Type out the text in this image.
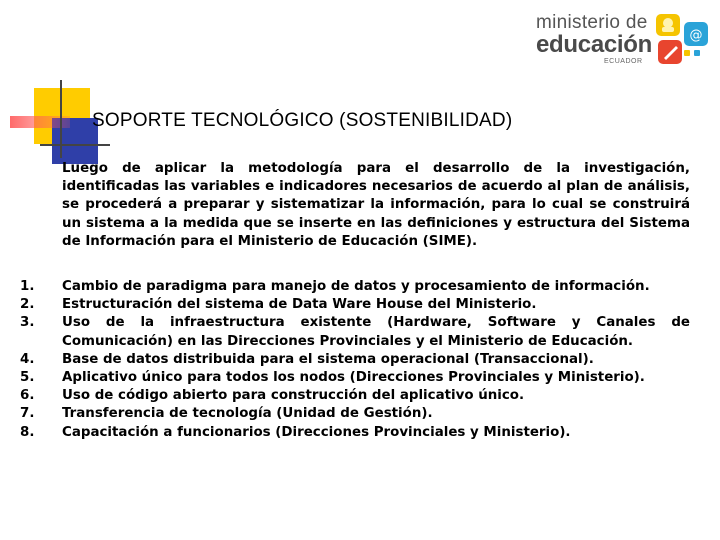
ministerio de
educación
ECUADOR
@
SOPORTE TECNOLÓGICO (SOSTENIBILIDAD)
Luego de aplicar la metodología para el desarrollo de la investigación, identificadas las variables e indicadores necesarios de acuerdo al plan de análisis, se procederá a preparar y sistematizar la información, para lo cual se construirá un sistema a la medida que se inserte en las definiciones y estructura del Sistema de Información para el Ministerio de Educación (SIME).
1.	Cambio de paradigma para manejo de datos y procesamiento de información.
2.	Estructuración del sistema de Data Ware House del Ministerio.
3.	Uso de la infraestructura existente (Hardware, Software y Canales de Comunicación) en las Direcciones Provinciales y el Ministerio de Educación.
4.	Base de datos distribuida para el sistema operacional (Transaccional).
5.	Aplicativo único para todos los nodos (Direcciones Provinciales y Ministerio).
6.	Uso de código abierto para construcción del aplicativo único.
7.	Transferencia de tecnología (Unidad de Gestión).
8.	Capacitación a funcionarios (Direcciones Provinciales y Ministerio).
